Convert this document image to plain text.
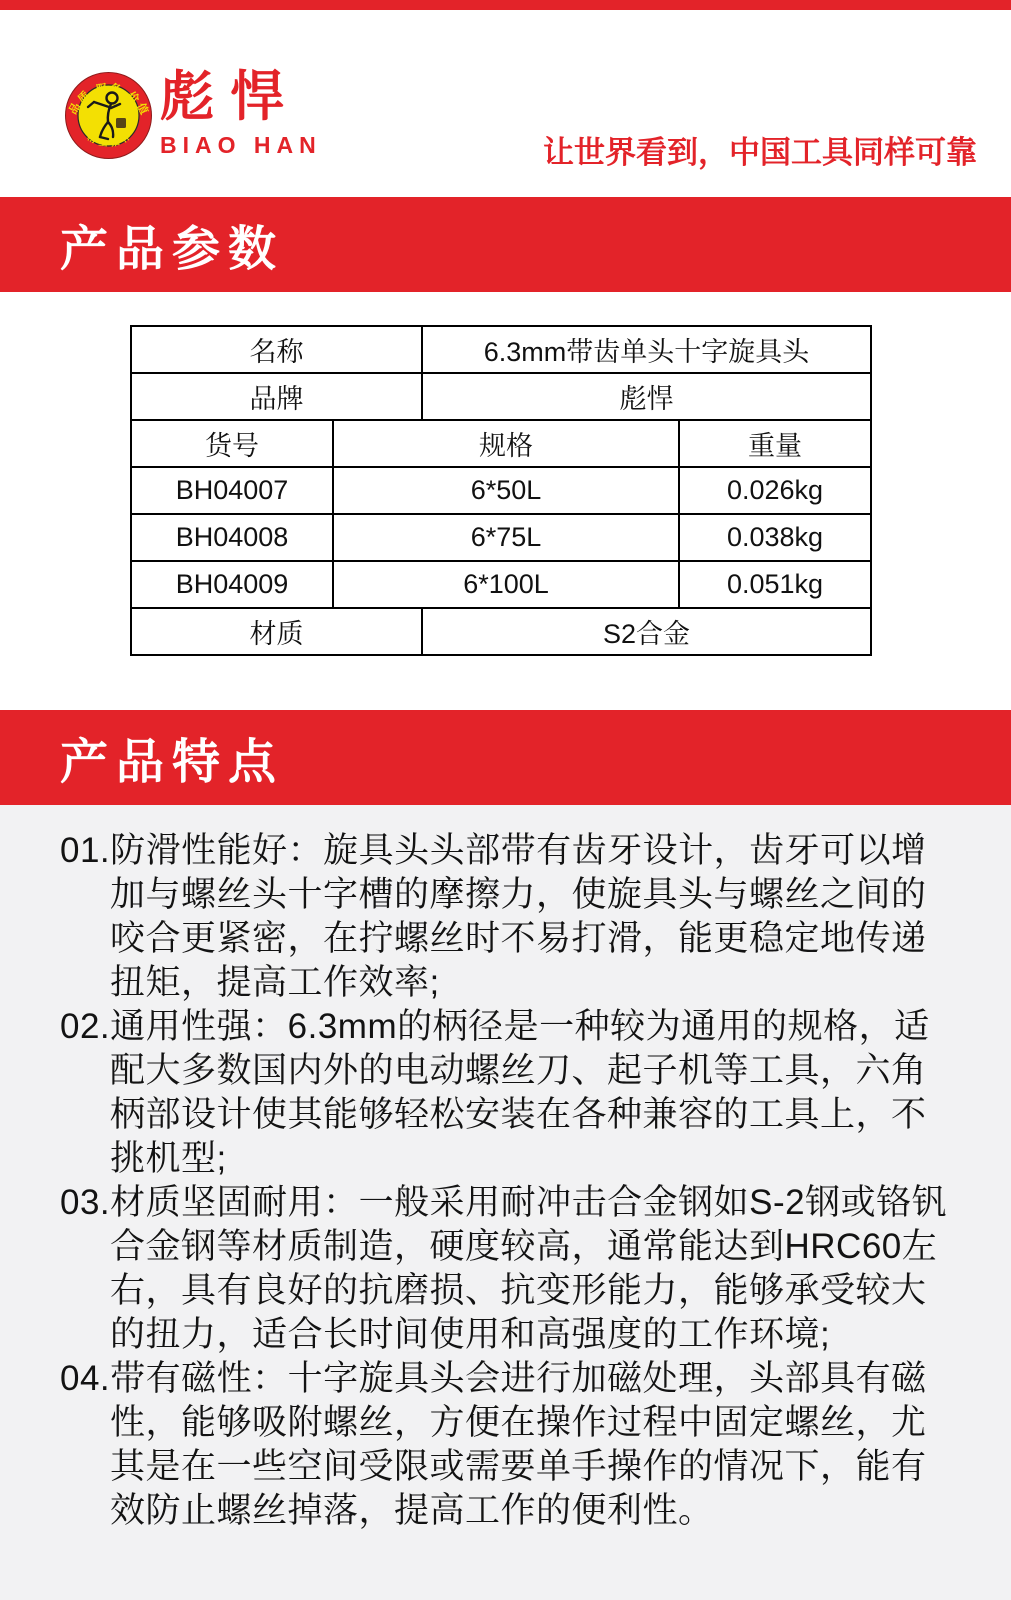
品质 服务 价值
精工细作
彪悍
BIAO HAN	让世界看到，中国工具同样可靠
产品参数
名称		6.3mm带齿单头十字旋具头	
品牌		彪悍	
货号	规格		重量
BH04007	6*50L		0.026kg
BH04008	6*75L		0.038kg
BH04009	6*100L		0.051kg
材质		S2合金	
产品特点
01.防滑性能好：旋具头头部带有齿牙设计，齿牙可以增加与螺丝头十字槽的摩擦力，使旋具头与螺丝之间的咬合更紧密，在拧螺丝时不易打滑，能更稳定地传递扭矩，提高工作效率;
02.通用性强：6.3mm的柄径是一种较为通用的规格，适配大多数国内外的电动螺丝刀、起子机等工具，六角柄部设计使其能够轻松安装在各种兼容的工具上，不挑机型;
03.材质坚固耐用：一般采用耐冲击合金钢如S-2钢或铬钒合金钢等材质制造，硬度较高，通常能达到HRC60左右，具有良好的抗磨损、抗变形能力，能够承受较大的扭力，适合长时间使用和高强度的工作环境;
04.带有磁性：十字旋具头会进行加磁处理，头部具有磁性，能够吸附螺丝，方便在操作过程中固定螺丝，尤其是在一些空间受限或需要单手操作的情况下，能有效防止螺丝掉落，提高工作的便利性。
